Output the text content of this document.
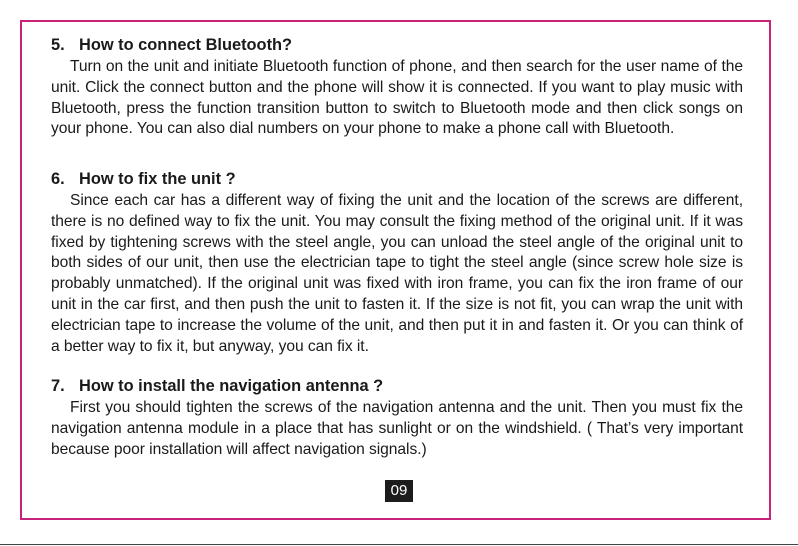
5. How to connect Bluetooth?

Turn on the unit and initiate Bluetooth function of phone, and then search for the user name of the unit. Click the connect button and the phone will show it is connected. If you want to play music with Bluetooth, press the function transition button to switch to Bluetooth mode and then click songs on your phone. You can also dial numbers on your phone to make a phone call with Bluetooth.

6. How to fix the unit ?

Since each car has a different way of fixing the unit and the location of the screws are different, there is no defined way to fix the unit. You may consult the fixing method of the original unit. If it was fixed by tightening screws with the steel angle, you can unload the steel angle of the original unit to both sides of our unit, then use the electrician tape to tight the steel angle (since screw hole size is probably unmatched). If the original unit was fixed with iron frame, you can fix the iron frame of our unit in the car first, and then push the unit to fasten it. If the size is not fit, you can wrap the unit with electrician tape to increase the volume of the unit, and then put it in and fasten it. Or you can think of a better way to fix it, but anyway, you can fix it.

7. How to install the navigation antenna ?

First you should tighten the screws of the navigation antenna and the unit. Then you must fix the navigation antenna module in a place that has sunlight or on the windshield. ( That’s very important because poor installation will affect navigation signals.)

09
